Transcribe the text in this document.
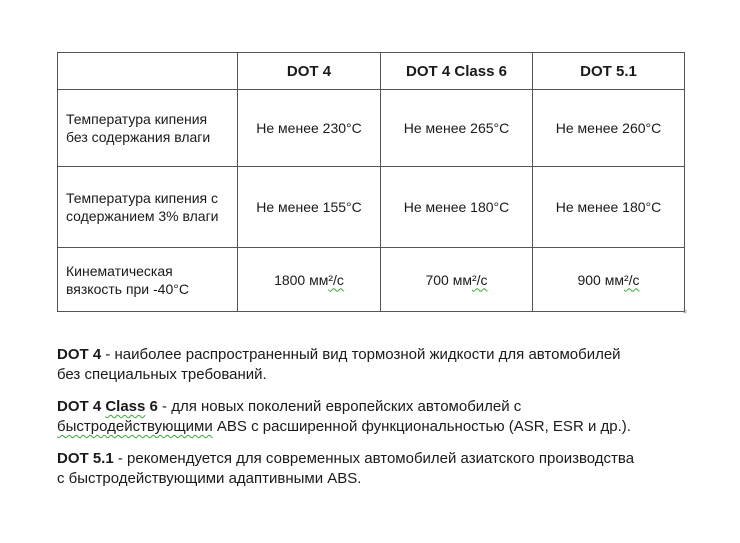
	DOT 4	DOT 4 Class 6	DOT 5.1
Температура кипения
без содержания влаги	Не менее 230°С	Не менее 265°С	Не менее 260°С
Температура кипения с
содержанием 3% влаги	Не менее 155°С	Не менее 180°С	Не менее 180°С
Кинематическая
вязкость при -40°С	1800 мм²/с	700 мм²/с	900 мм²/с
¤

DOT 4 - наиболее распространенный вид тормозной жидкости для автомобилей
без специальных требований.

DOT 4 Class 6 - для новых поколений европейских автомобилей с
быстродействующими ABS с расширенной функциональностью (ASR, ESR и др.).

DOT 5.1 - рекомендуется для современных автомобилей азиатского производства
с быстродействующими адаптивными ABS.
